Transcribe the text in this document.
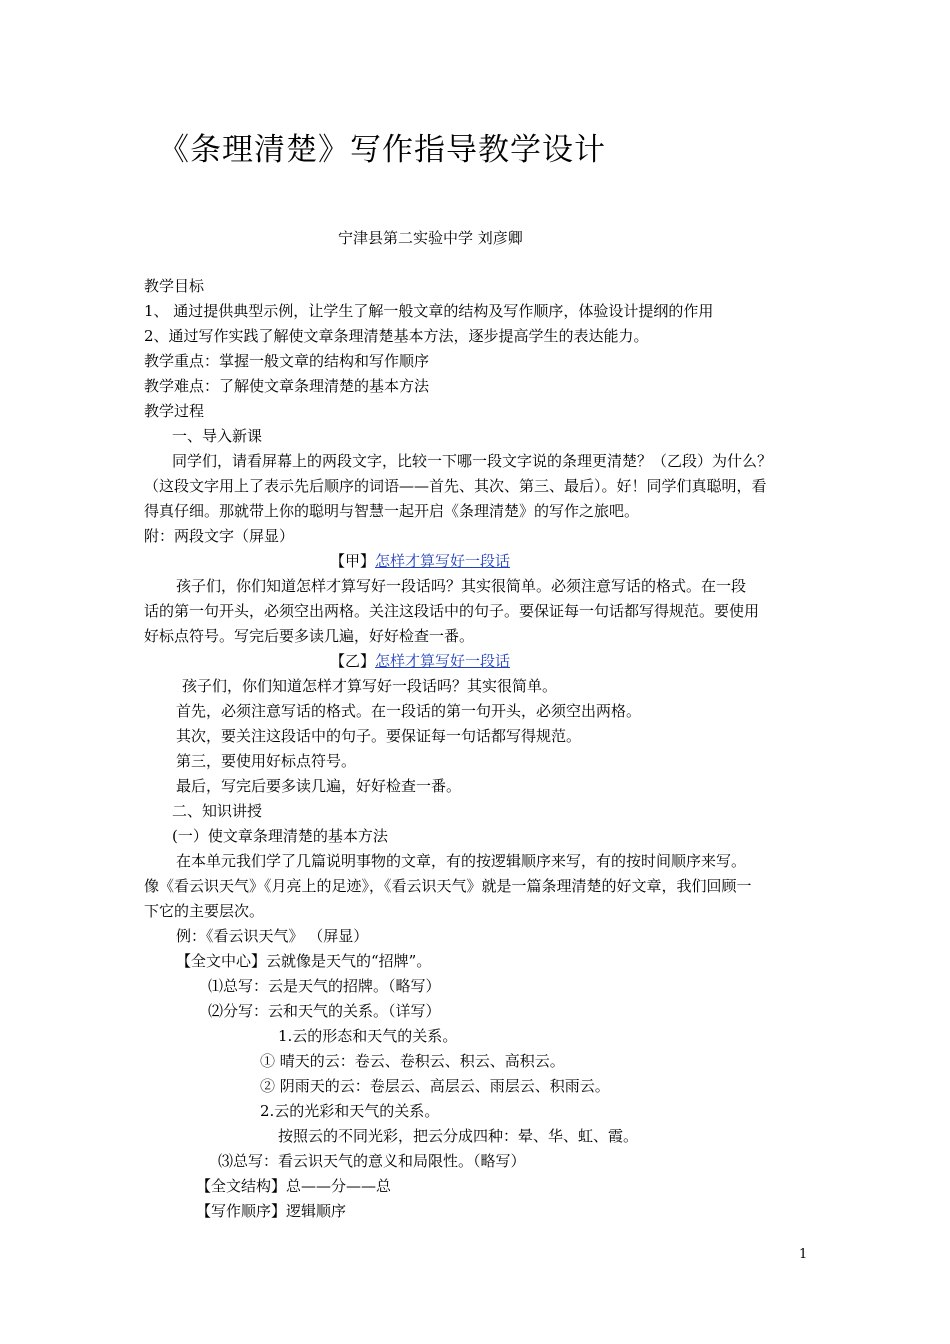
《条理清楚》写作指导教学设计
宁津县第二实验中学 刘彦卿
教学目标
1、 通过提供典型示例，让学生了解一般文章的结构及写作顺序，体验设计提纲的作用
2、通过写作实践了解使文章条理清楚基本方法，逐步提高学生的表达能力。
教学重点：掌握一般文章的结构和写作顺序
教学难点：了解使文章条理清楚的基本方法
教学过程
一、导入新课
同学们，请看屏幕上的两段文字，比较一下哪一段文字说的条理更清楚？（乙段）为什么？
（这段文字用上了表示先后顺序的词语——首先、其次、第三、最后）。好！同学们真聪明，看
得真仔细。那就带上你的聪明与智慧一起开启《条理清楚》的写作之旅吧。
附：两段文字（屏显）
【甲】怎样才算写好一段话
孩子们，你们知道怎样才算写好一段话吗？其实很简单。必须注意写话的格式。在一段
话的第一句开头，必须空出两格。关注这段话中的句子。要保证每一句话都写得规范。要使用
好标点符号。写完后要多读几遍，好好检查一番。
【乙】怎样才算写好一段话
孩子们，你们知道怎样才算写好一段话吗？其实很简单。
首先，必须注意写话的格式。在一段话的第一句开头，必须空出两格。
其次，要关注这段话中的句子。要保证每一句话都写得规范。
第三，要使用好标点符号。
最后，写完后要多读几遍，好好检查一番。
二、知识讲授
(一）使文章条理清楚的基本方法
在本单元我们学了几篇说明事物的文章，有的按逻辑顺序来写，有的按时间顺序来写。
像《看云识天气》《月亮上的足迹》，《看云识天气》就是一篇条理清楚的好文章，我们回顾一
下它的主要层次。
例：《看云识天气》 （屏显）
【全文中心】云就像是天气的“招牌”。
⑴总写：云是天气的招牌。（略写）
⑵分写：云和天气的关系。（详写）
1.云的形态和天气的关系。
① 晴天的云：卷云、卷积云、积云、高积云。
② 阴雨天的云：卷层云、高层云、雨层云、积雨云。
2.云的光彩和天气的关系。
按照云的不同光彩，把云分成四种：晕、华、虹、霞。
⑶总写：看云识天气的意义和局限性。（略写）
【全文结构】总——分——总
【写作顺序】逻辑顺序
1
